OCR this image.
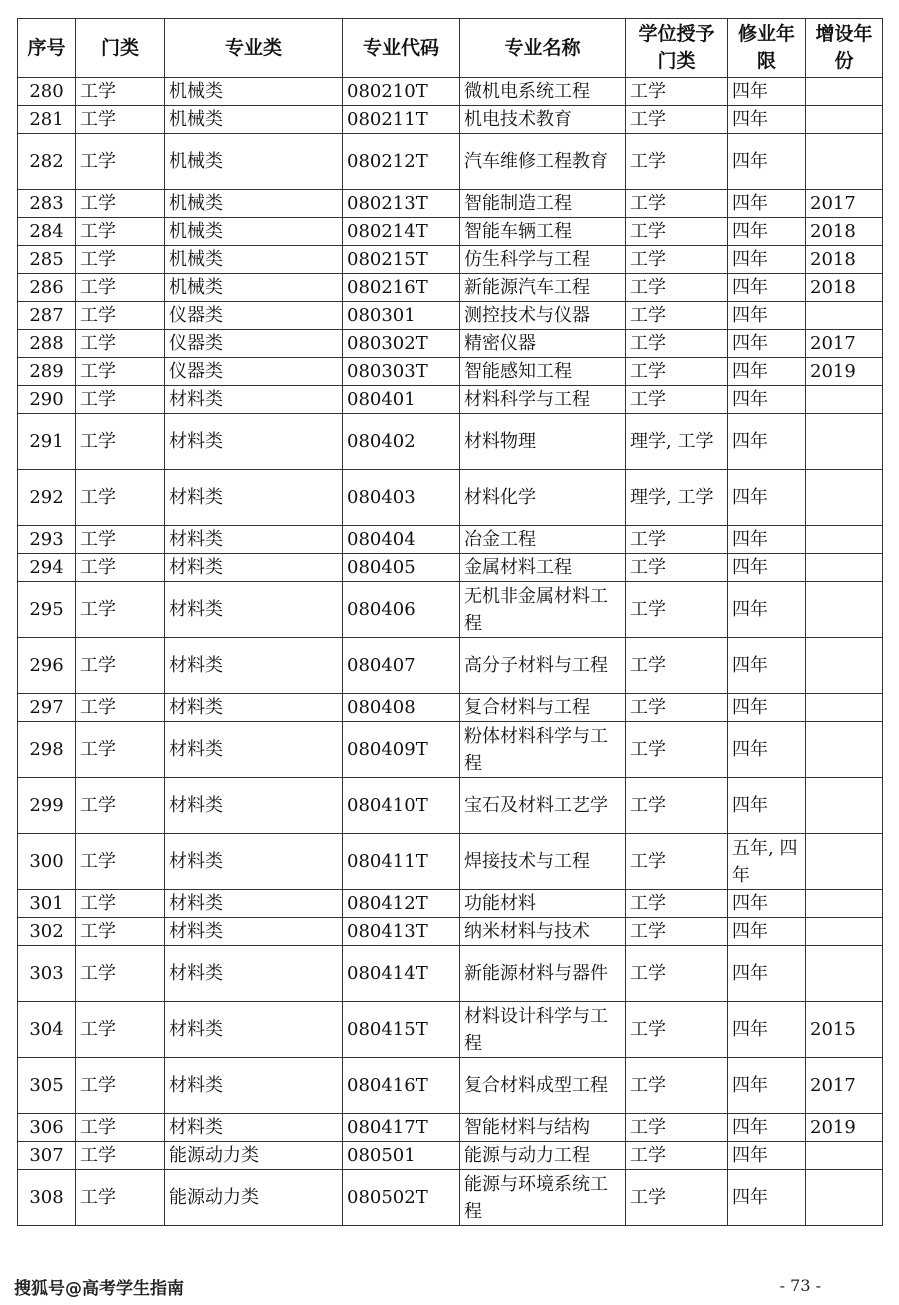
序号	门类	专业类	专业代码	专业名称	学位授予门类	修业年限	增设年份
280	工学	机械类	080210T	微机电系统工程	工学	四年	
281	工学	机械类	080211T	机电技术教育	工学	四年	
282	工学	机械类	080212T	汽车维修工程教育	工学	四年	
283	工学	机械类	080213T	智能制造工程	工学	四年	2017
284	工学	机械类	080214T	智能车辆工程	工学	四年	2018
285	工学	机械类	080215T	仿生科学与工程	工学	四年	2018
286	工学	机械类	080216T	新能源汽车工程	工学	四年	2018
287	工学	仪器类	080301	测控技术与仪器	工学	四年	
288	工学	仪器类	080302T	精密仪器	工学	四年	2017
289	工学	仪器类	080303T	智能感知工程	工学	四年	2019
290	工学	材料类	080401	材料科学与工程	工学	四年	
291	工学	材料类	080402	材料物理	理学, 工学	四年	
292	工学	材料类	080403	材料化学	理学, 工学	四年	
293	工学	材料类	080404	冶金工程	工学	四年	
294	工学	材料类	080405	金属材料工程	工学	四年	
295	工学	材料类	080406	无机非金属材料工程	工学	四年	
296	工学	材料类	080407	高分子材料与工程	工学	四年	
297	工学	材料类	080408	复合材料与工程	工学	四年	
298	工学	材料类	080409T	粉体材料科学与工程	工学	四年	
299	工学	材料类	080410T	宝石及材料工艺学	工学	四年	
300	工学	材料类	080411T	焊接技术与工程	工学	五年, 四年	
301	工学	材料类	080412T	功能材料	工学	四年	
302	工学	材料类	080413T	纳米材料与技术	工学	四年	
303	工学	材料类	080414T	新能源材料与器件	工学	四年	
304	工学	材料类	080415T	材料设计科学与工程	工学	四年	2015
305	工学	材料类	080416T	复合材料成型工程	工学	四年	2017
306	工学	材料类	080417T	智能材料与结构	工学	四年	2019
307	工学	能源动力类	080501	能源与动力工程	工学	四年	
308	工学	能源动力类	080502T	能源与环境系统工程	工学	四年	
搜狐号@高考学生指南	- 73 -
